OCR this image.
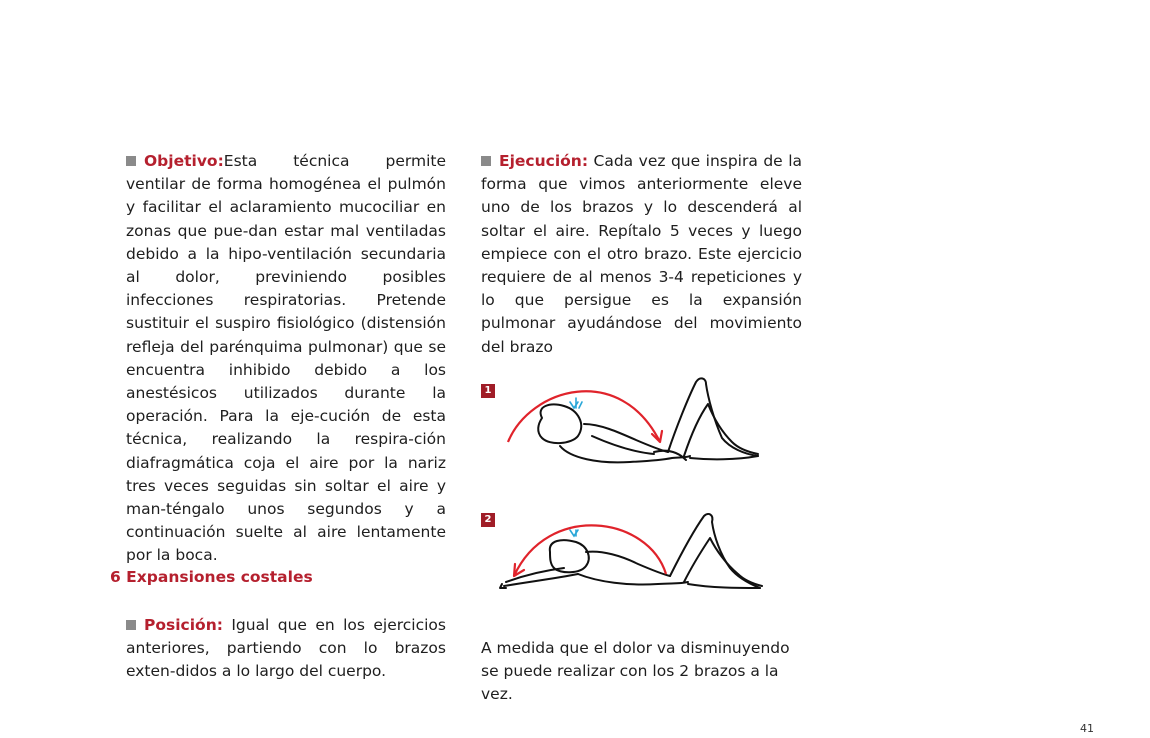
Objetivo:Esta técnica permite ventilar de forma homogénea el pulmón y facilitar el aclaramiento mucociliar en zonas que pue-dan estar mal ventiladas debido a la hipo-ventilación secundaria al dolor, previniendo posibles infecciones respiratorias. Pretende sustituir el suspiro fisiológico (distensión refleja del parénquima pulmonar) que se encuentra inhibido debido a los anestésicos utilizados durante la operación. Para la eje-cución de esta técnica, realizando la respira-ción diafragmática coja el aire por la nariz tres veces seguidas sin soltar el aire y man-téngalo unos segundos y a continuación suelte al aire lentamente por la boca.
6 Expansiones costales
Posición: Igual que en los ejercicios anteriores, partiendo con lo brazos exten-didos a lo largo del cuerpo.
Ejecución: Cada vez que inspira de la forma que vimos anteriormente eleve uno de los brazos y lo descenderá al soltar el aire. Repítalo 5 veces y luego empiece con el otro brazo. Este ejercicio requiere de al menos 3-4 repeticiones y lo que persigue es la expansión pulmonar ayudándose del movimiento del brazo
1
2
A medida que el dolor va disminuyendo se puede realizar con los 2 brazos a la vez.
41
